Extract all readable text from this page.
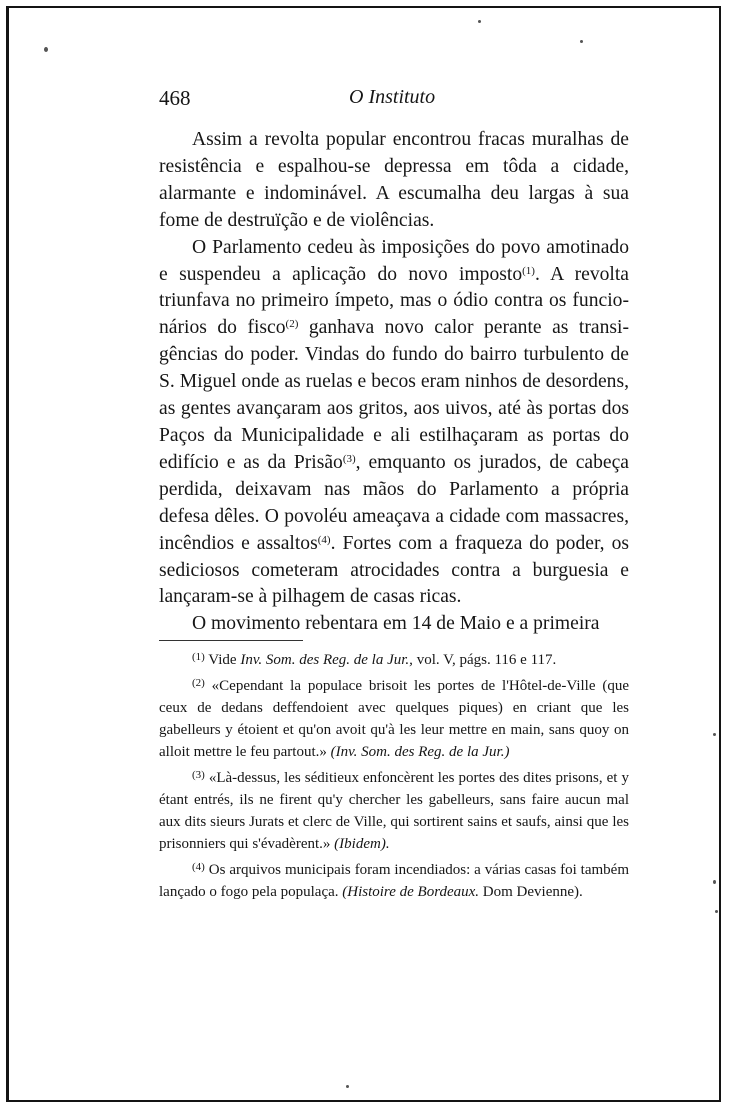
468	O Instituto

Assim a revolta popular encontrou fracas muralhas de resistência e espalhou-se depressa em tôda a cidade, alarmante e indominável. A escumalha deu largas à sua fome de destruïção e de violências.

O Parlamento cedeu às imposições do povo amotinado e suspendeu a aplicação do novo imposto$^{(1)}$. A revolta triunfava no primeiro ímpeto, mas o ódio contra os funcionários do fisco$^{(2)}$ ganhava novo calor perante as transigências do poder. Vindas do fundo do bairro turbulento de S. Miguel onde as ruelas e becos eram ninhos de desordens, as gentes avançaram aos gritos, aos uivos, até às portas dos Paços da Municipalidade e ali estilhaçaram as portas do edifício e as da Prisão$^{(3)}$, emquanto os jurados, de cabeça perdida, deixavam nas mãos do Parlamento a própria defesa dêles. O povoléu ameaçava a cidade com massacres, incêndios e assaltos$^{(4)}$. Fortes com a fraqueza do poder, os sediciosos cometeram atrocidades contra a burguesia e lançaram-se à pilhagem de casas ricas.

O movimento rebentara em 14 de Maio e a primeira

$^{(1)}$ Vide Inv. Som. des Reg. de la Jur., vol. V, págs. 116 e 117.

$^{(2)}$ «Cependant la populace brisoit les portes de l'Hôtel-de-Ville (que ceux de dedans deffendoient avec quelques piques) en criant que les gabelleurs y étoient et qu'on avoit qu'à les leur mettre en main, sans quoy on alloit mettre le feu partout.» (Inv. Som. des Reg. de la Jur.)

$^{(3)}$ «Là-dessus, les séditieux enfoncèrent les portes des dites prisons, et y étant entrés, ils ne firent qu'y chercher les gabelleurs, sans faire aucun mal aux dits sieurs Jurats et clerc de Ville, qui sortirent sains et saufs, ainsi que les prisonniers qui s'évadèrent.» (Ibidem).

$^{(4)}$ Os arquivos municipais foram incendiados: a várias casas foi também lançado o fogo pela populaça. (Histoire de Bordeaux. Dom Devienne).
